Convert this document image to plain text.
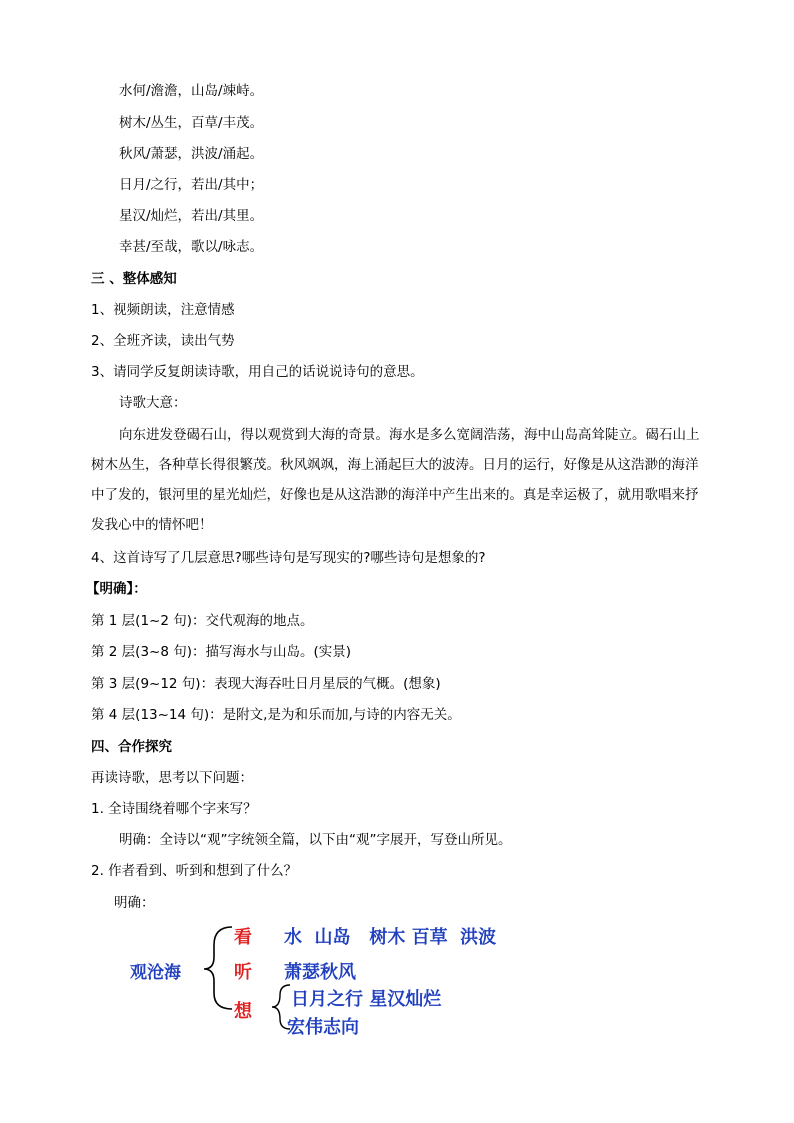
水何/澹澹，山岛/竦峙。
树木/丛生，百草/丰茂。
秋风/萧瑟，洪波/涌起。
日月/之行，若出/其中；
星汉/灿烂，若出/其里。
幸甚/至哉，歌以/咏志。
三 、整体感知
1、视频朗读，注意情感
2、全班齐读，读出气势
3、请同学反复朗读诗歌，用自己的话说说诗句的意思。
诗歌大意：
向东进发登碣石山，得以观赏到大海的奇景。海水是多么宽阔浩荡，海中山岛高耸陡立。碣石山上树木丛生，各种草长得很繁茂。秋风飒飒，海上涌起巨大的波涛。日月的运行，好像是从这浩渺的海洋中了发的，银河里的星光灿烂，好像也是从这浩渺的海洋中产生出来的。真是幸运极了，就用歌唱来抒发我心中的情怀吧！
4、这首诗写了几层意思?哪些诗句是写现实的?哪些诗句是想象的?
【明确】：
第 1 层(1~2 句)：交代观海的地点。
第 2 层(3~8 句)：描写海水与山岛。(实景)
第 3 层(9~12 句)：表现大海吞吐日月星辰的气概。(想象)
第 4 层(13~14 句)：是附文,是为和乐而加,与诗的内容无关。
四、合作探究
再读诗歌，思考以下问题：
1. 全诗围绕着哪个字来写？
明确：全诗以“观”字统领全篇，以下由“观”字展开，写登山所见。
2. 作者看到、听到和想到了什么？
明确：
观沧海
看 水  山岛   树木 百草  洪波
听 萧瑟秋风
想
日月之行 星汉灿烂
宏伟志向
